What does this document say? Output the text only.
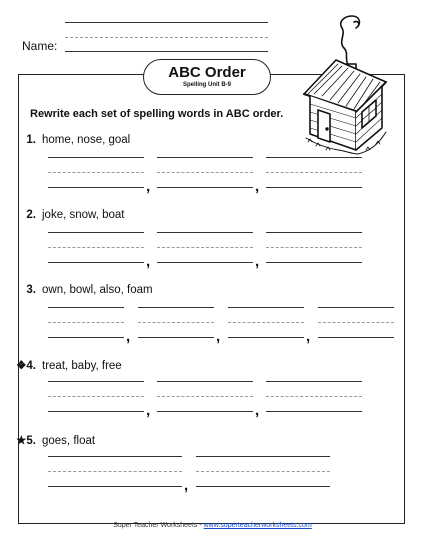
Name:
ABC Order
Spelling Unit B-9
Rewrite each set of spelling words in ABC order.
1. home, nose, goal
,	,
2. joke, snow, boat
,	,
3. own, bowl, also, foam
,	,	,
❖4. treat, baby, free
,	,
★5. goes, float
,
Super Teacher Worksheets - www.superteacherworksheets.com
